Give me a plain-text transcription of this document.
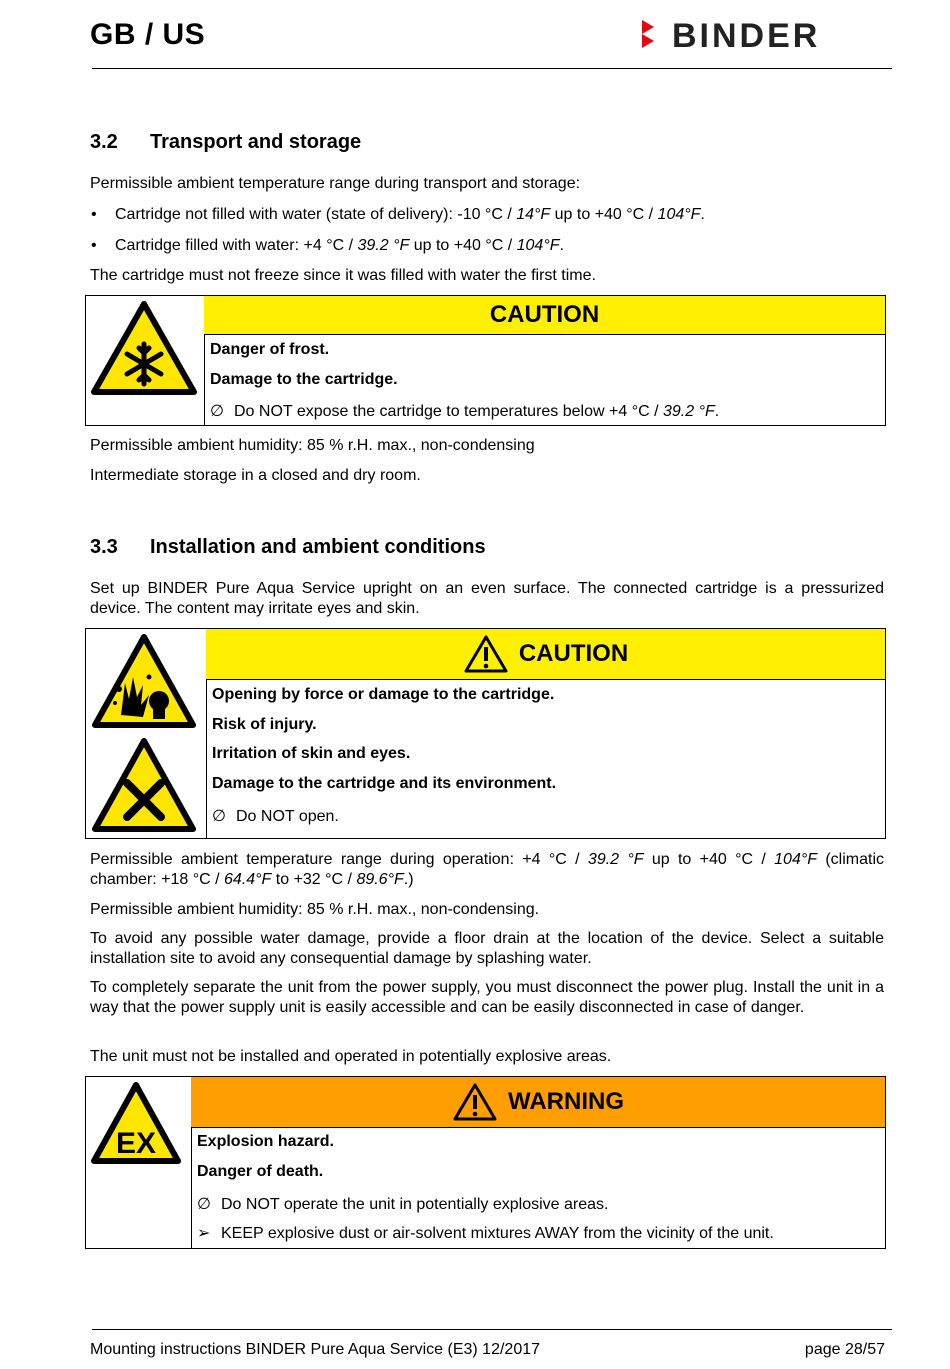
GB / US	BINDER
3.2 Transport and storage
Permissible ambient temperature range during transport and storage:
• Cartridge not filled with water (state of delivery): -10 °C / 14°F up to +40 °C / 104°F.
• Cartridge filled with water: +4 °C / 39.2 °F up to +40 °C / 104°F.
The cartridge must not freeze since it was filled with water the first time.
CAUTION
Danger of frost.
Damage to the cartridge.
∅ Do NOT expose the cartridge to temperatures below +4 °C / 39.2 °F.
Permissible ambient humidity: 85 % r.H. max., non-condensing
Intermediate storage in a closed and dry room.
3.3 Installation and ambient conditions
Set up BINDER Pure Aqua Service upright on an even surface. The connected cartridge is a pressurized device. The content may irritate eyes and skin.
CAUTION
Opening by force or damage to the cartridge.
Risk of injury.
Irritation of skin and eyes.
Damage to the cartridge and its environment.
∅ Do NOT open.
Permissible ambient temperature range during operation: +4 °C / 39.2 °F up to +40 °C / 104°F (climatic chamber: +18 °C / 64.4°F to +32 °C / 89.6°F.)
Permissible ambient humidity: 85 % r.H. max., non-condensing.
To avoid any possible water damage, provide a floor drain at the location of the device. Select a suitable installation site to avoid any consequential damage by splashing water.
To completely separate the unit from the power supply, you must disconnect the power plug. Install the unit in a way that the power supply unit is easily accessible and can be easily disconnected in case of danger.
The unit must not be installed and operated in potentially explosive areas.
EX
WARNING
Explosion hazard.
Danger of death.
∅ Do NOT operate the unit in potentially explosive areas.
➢ KEEP explosive dust or air-solvent mixtures AWAY from the vicinity of the unit.
Mounting instructions BINDER Pure Aqua Service (E3) 12/2017	page 28/57
